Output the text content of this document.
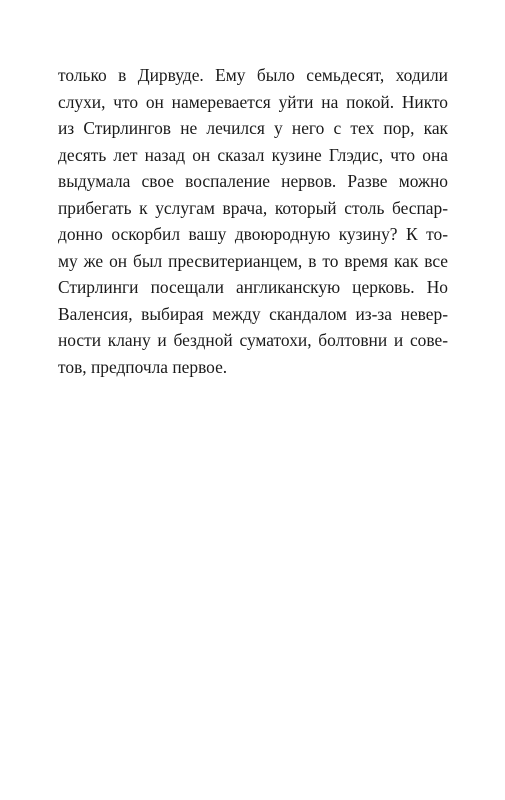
только в Дирвуде. Ему было семьдесят, ходили
слухи, что он намеревается уйти на покой. Никто
из Стирлингов не лечился у него с тех пор, как
десять лет назад он сказал кузине Глэдис, что она
выдумала свое воспаление нервов. Разве можно
прибегать к услугам врача, который столь беспар-
донно оскорбил вашу двоюродную кузину? К то-
му же он был пресвитерианцем, в то время как все
Стирлинги посещали англиканскую церковь. Но
Валенсия, выбирая между скандалом из-за невер-
ности клану и бездной суматохи, болтовни и сове-
тов, предпочла первое.
